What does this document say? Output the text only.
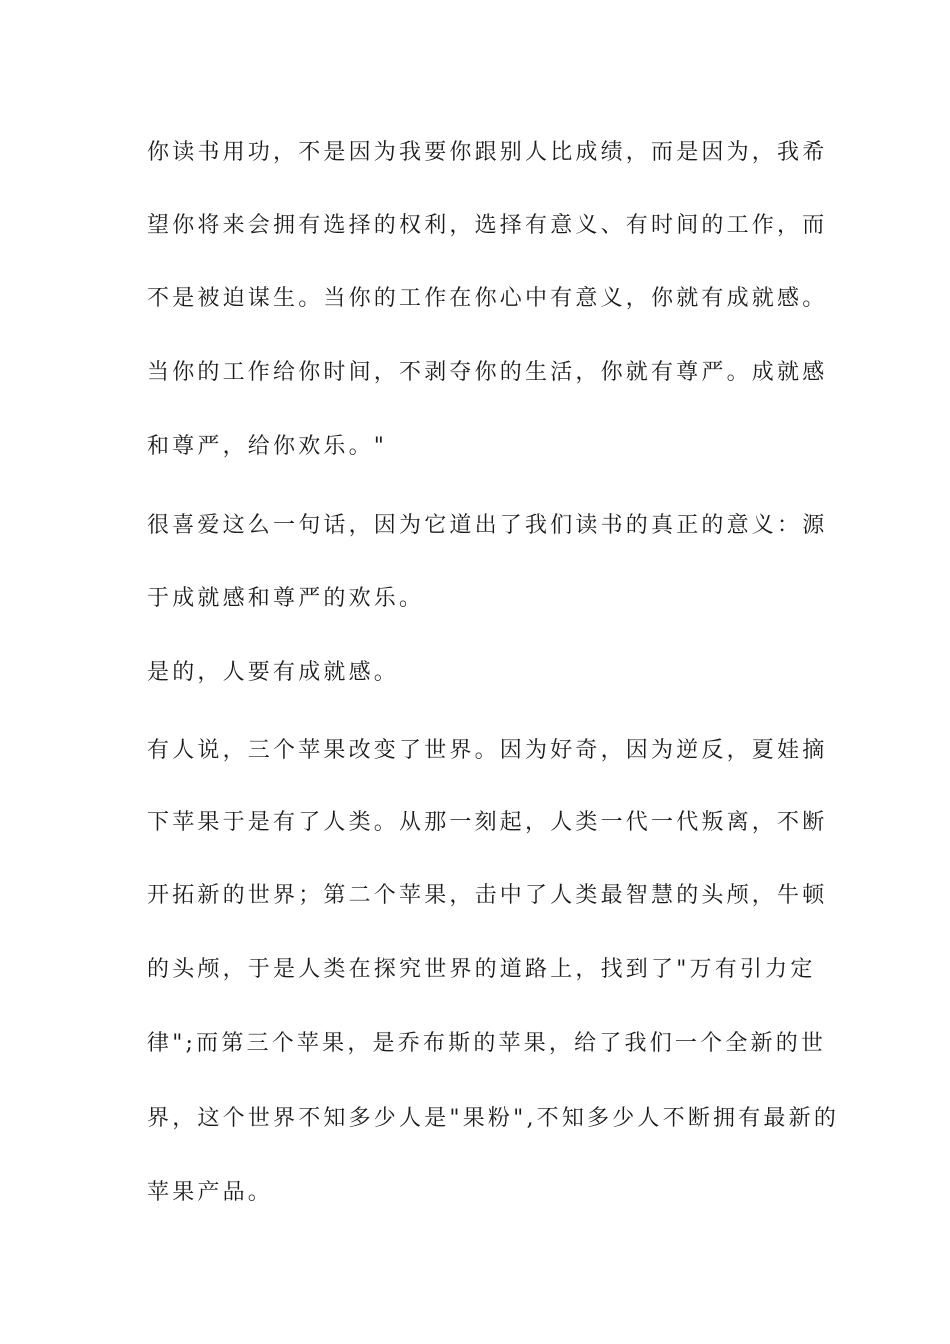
你读书用功，不是因为我要你跟别人比成绩，而是因为，我希
望你将来会拥有选择的权利，选择有意义、有时间的工作，而
不是被迫谋生。当你的工作在你心中有意义，你就有成就感。
当你的工作给你时间，不剥夺你的生活，你就有尊严。成就感
和尊严，给你欢乐。"
很喜爱这么一句话，因为它道出了我们读书的真正的意义：源
于成就感和尊严的欢乐。
是的，人要有成就感。
有人说，三个苹果改变了世界。因为好奇，因为逆反，夏娃摘
下苹果于是有了人类。从那一刻起，人类一代一代叛离，不断
开拓新的世界；第二个苹果，击中了人类最智慧的头颅，牛顿
的头颅，于是人类在探究世界的道路上，找到了"万有引力定
律";而第三个苹果，是乔布斯的苹果，给了我们一个全新的世
界，这个世界不知多少人是"果粉",不知多少人不断拥有最新的
苹果产品。
